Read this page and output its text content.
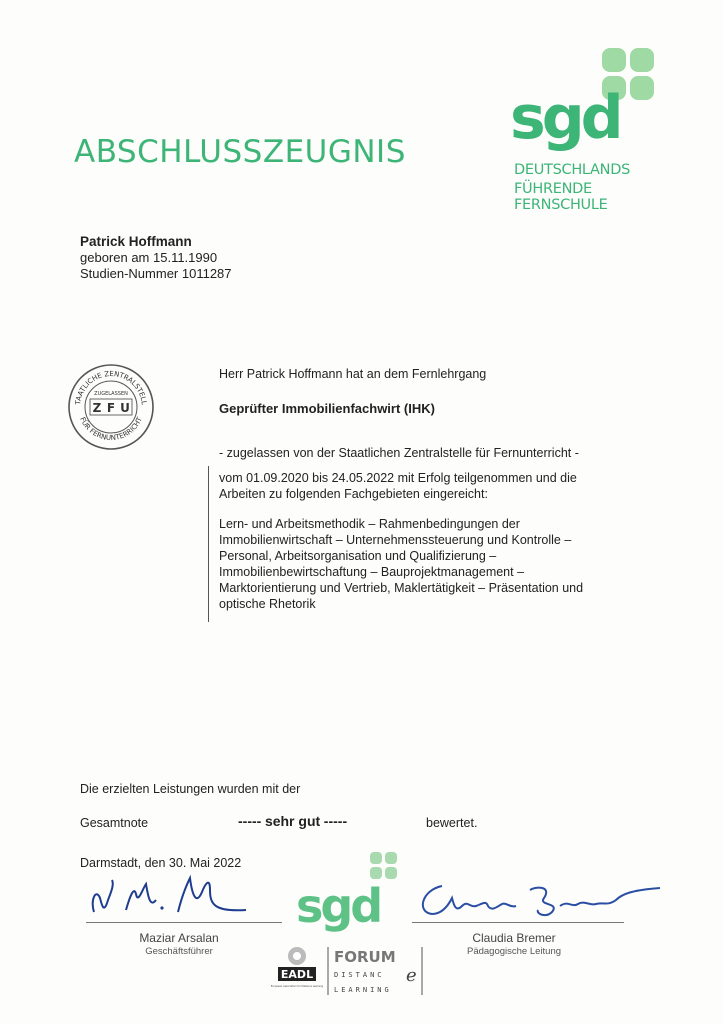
ABSCHLUSSZEUGNIS sgd
DEUTSCHLANDS
FÜHRENDE FERNSCHULE
Patrick Hoffmann
geboren am 15.11.1990
Studien-Nummer 1011287
TAATLICHE ZENTRALSTELL
FÜR FERNUNTERRICHT
ZUGELASSEN
Z F U
Herr Patrick Hoffmann hat an dem Fernlehrgang
Geprüfter Immobilienfachwirt (IHK)
- zugelassen von der Staatlichen Zentralstelle für Fernunterricht -
vom 01.09.2020 bis 24.05.2022 mit Erfolg teilgenommen und die
Arbeiten zu folgenden Fachgebieten eingereicht:
Lern- und Arbeitsmethodik – Rahmenbedingungen der
Immobilienwirtschaft – Unternehmenssteuerung und Kontrolle –
Personal, Arbeitsorganisation und Qualifizierung –
Immobilienbewirtschaftung – Bauprojektmanagement –
Marktorientierung und Vertrieb, Maklertätigkeit – Präsentation und
optische Rhetorik
Die erzielten Leistungen wurden mit der
Gesamtnote	----- sehr gut -----	bewertet.
Darmstadt, den 30. Mai 2022
sgd
Maziar Arsalan
Geschäftsführer
Claudia Bremer
Pädagogische Leitung
EADL
European Association for Distance Learning
FORUM
DISTANC e
LEARNING
